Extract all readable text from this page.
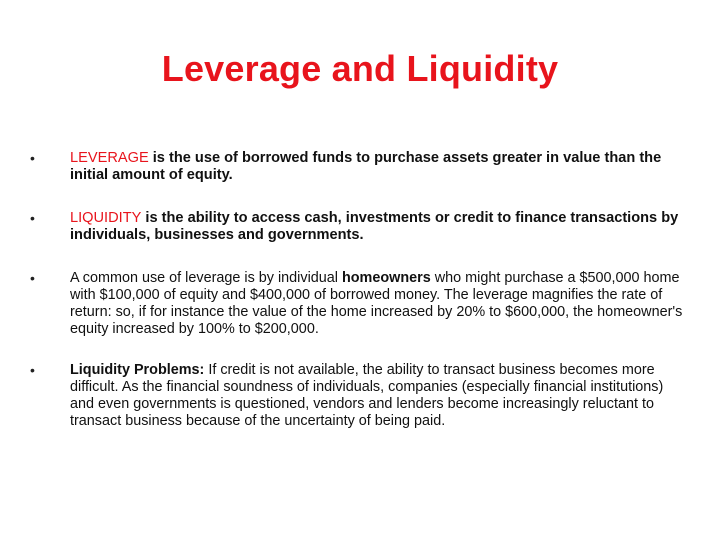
Leverage and Liquidity
•	LEVERAGE is the use of borrowed funds to purchase assets greater in value than the initial amount of equity.
•	LIQUIDITY is the ability to access cash, investments or credit to finance transactions by individuals, businesses and governments.
•	A common use of leverage is by individual homeowners who might purchase a $500,000 home with $100,000 of equity and $400,000 of borrowed money. The leverage magnifies the rate of return: so, if for instance the value of the home increased by 20% to $600,000, the homeowner's equity increased by 100% to $200,000.
•	Liquidity Problems: If credit is not available, the ability to transact business becomes more difficult. As the financial soundness of individuals, companies (especially financial institutions) and even governments is questioned, vendors and lenders become increasingly reluctant to transact business because of the uncertainty of being paid.
